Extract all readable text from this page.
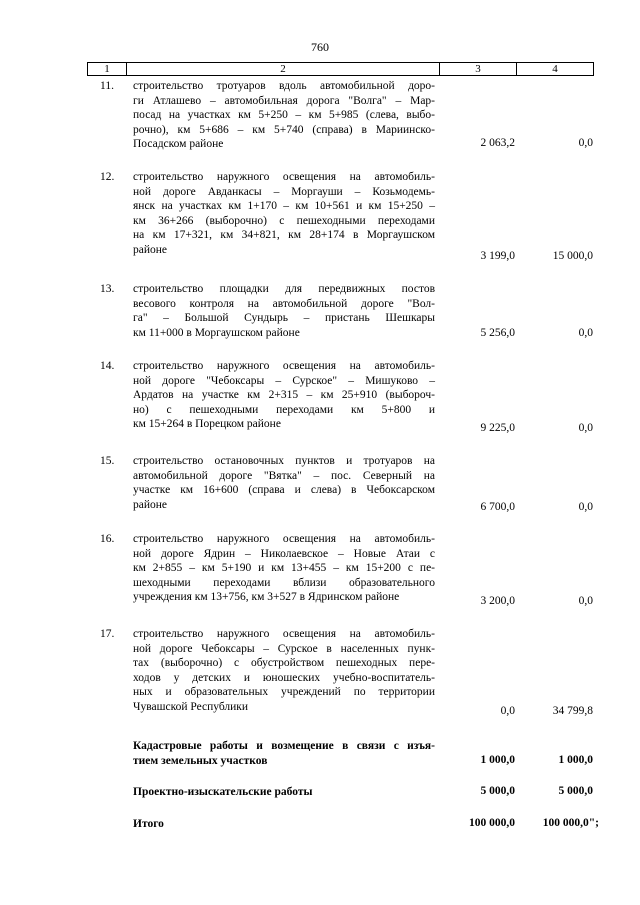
760
1	2	3	4
11. строительство тротуаров вдоль автомобильной доро-
ги Атлашево – автомобильная дорога "Волга" – Мар-
посад на участках км 5+250 – км 5+985 (слева, выбо-
рочно), км 5+686 – км 5+740 (справа) в Мариинско-
Посадском районе	2 063,2	0,0
12. строительство наружного освещения на автомобиль-
ной дороге Авданкасы – Моргауши – Козьмодемь-
янск на участках км 1+170 – км 10+561 и км 15+250 –
км 36+266 (выборочно) с пешеходными переходами
на км 17+321, км 34+821, км 28+174 в Моргаушском
районе
3 199,0	15 000,0
13. строительство площадки для передвижных постов
весового контроля на автомобильной дороге "Вол-
га" – Большой Сундырь – пристань Шешкары
км 11+000 в Моргаушском районе	5 256,0	0,0
14. строительство наружного освещения на автомобиль-
ной дороге "Чебоксары – Сурское" – Мишуково –
Ардатов на участке км 2+315 – км 25+910 (выбороч-
но) с пешеходными переходами км 5+800 и
км 15+264 в Порецком районе	9 225,0	0,0
15. строительство остановочных пунктов и тротуаров на
автомобильной дороге "Вятка" – пос. Северный на
участке км 16+600 (справа и слева) в Чебоксарском
районе	6 700,0	0,0
16. строительство наружного освещения на автомобиль-
ной дороге Ядрин – Николаевское – Новые Атаи с
км 2+855 – км 5+190 и км 13+455 – км 15+200 с пе-
шеходными переходами вблизи образовательного
учреждения км 13+756, км 3+527 в Ядринском районе	3 200,0	0,0
17. строительство наружного освещения на автомобиль-
ной дороге Чебоксары – Сурское в населенных пунк-
тах (выборочно) с обустройством пешеходных пере-
ходов у детских и юношеских учебно-воспитатель-
ных и образовательных учреждений по территории
Чувашской Республики	0,0	34 799,8
Кадастровые работы и возмещение в связи с изъя-
тием земельных участков	1 000,0	1 000,0
Проектно-изыскательские работы	5 000,0	5 000,0
Итого	100 000,0	100 000,0";
